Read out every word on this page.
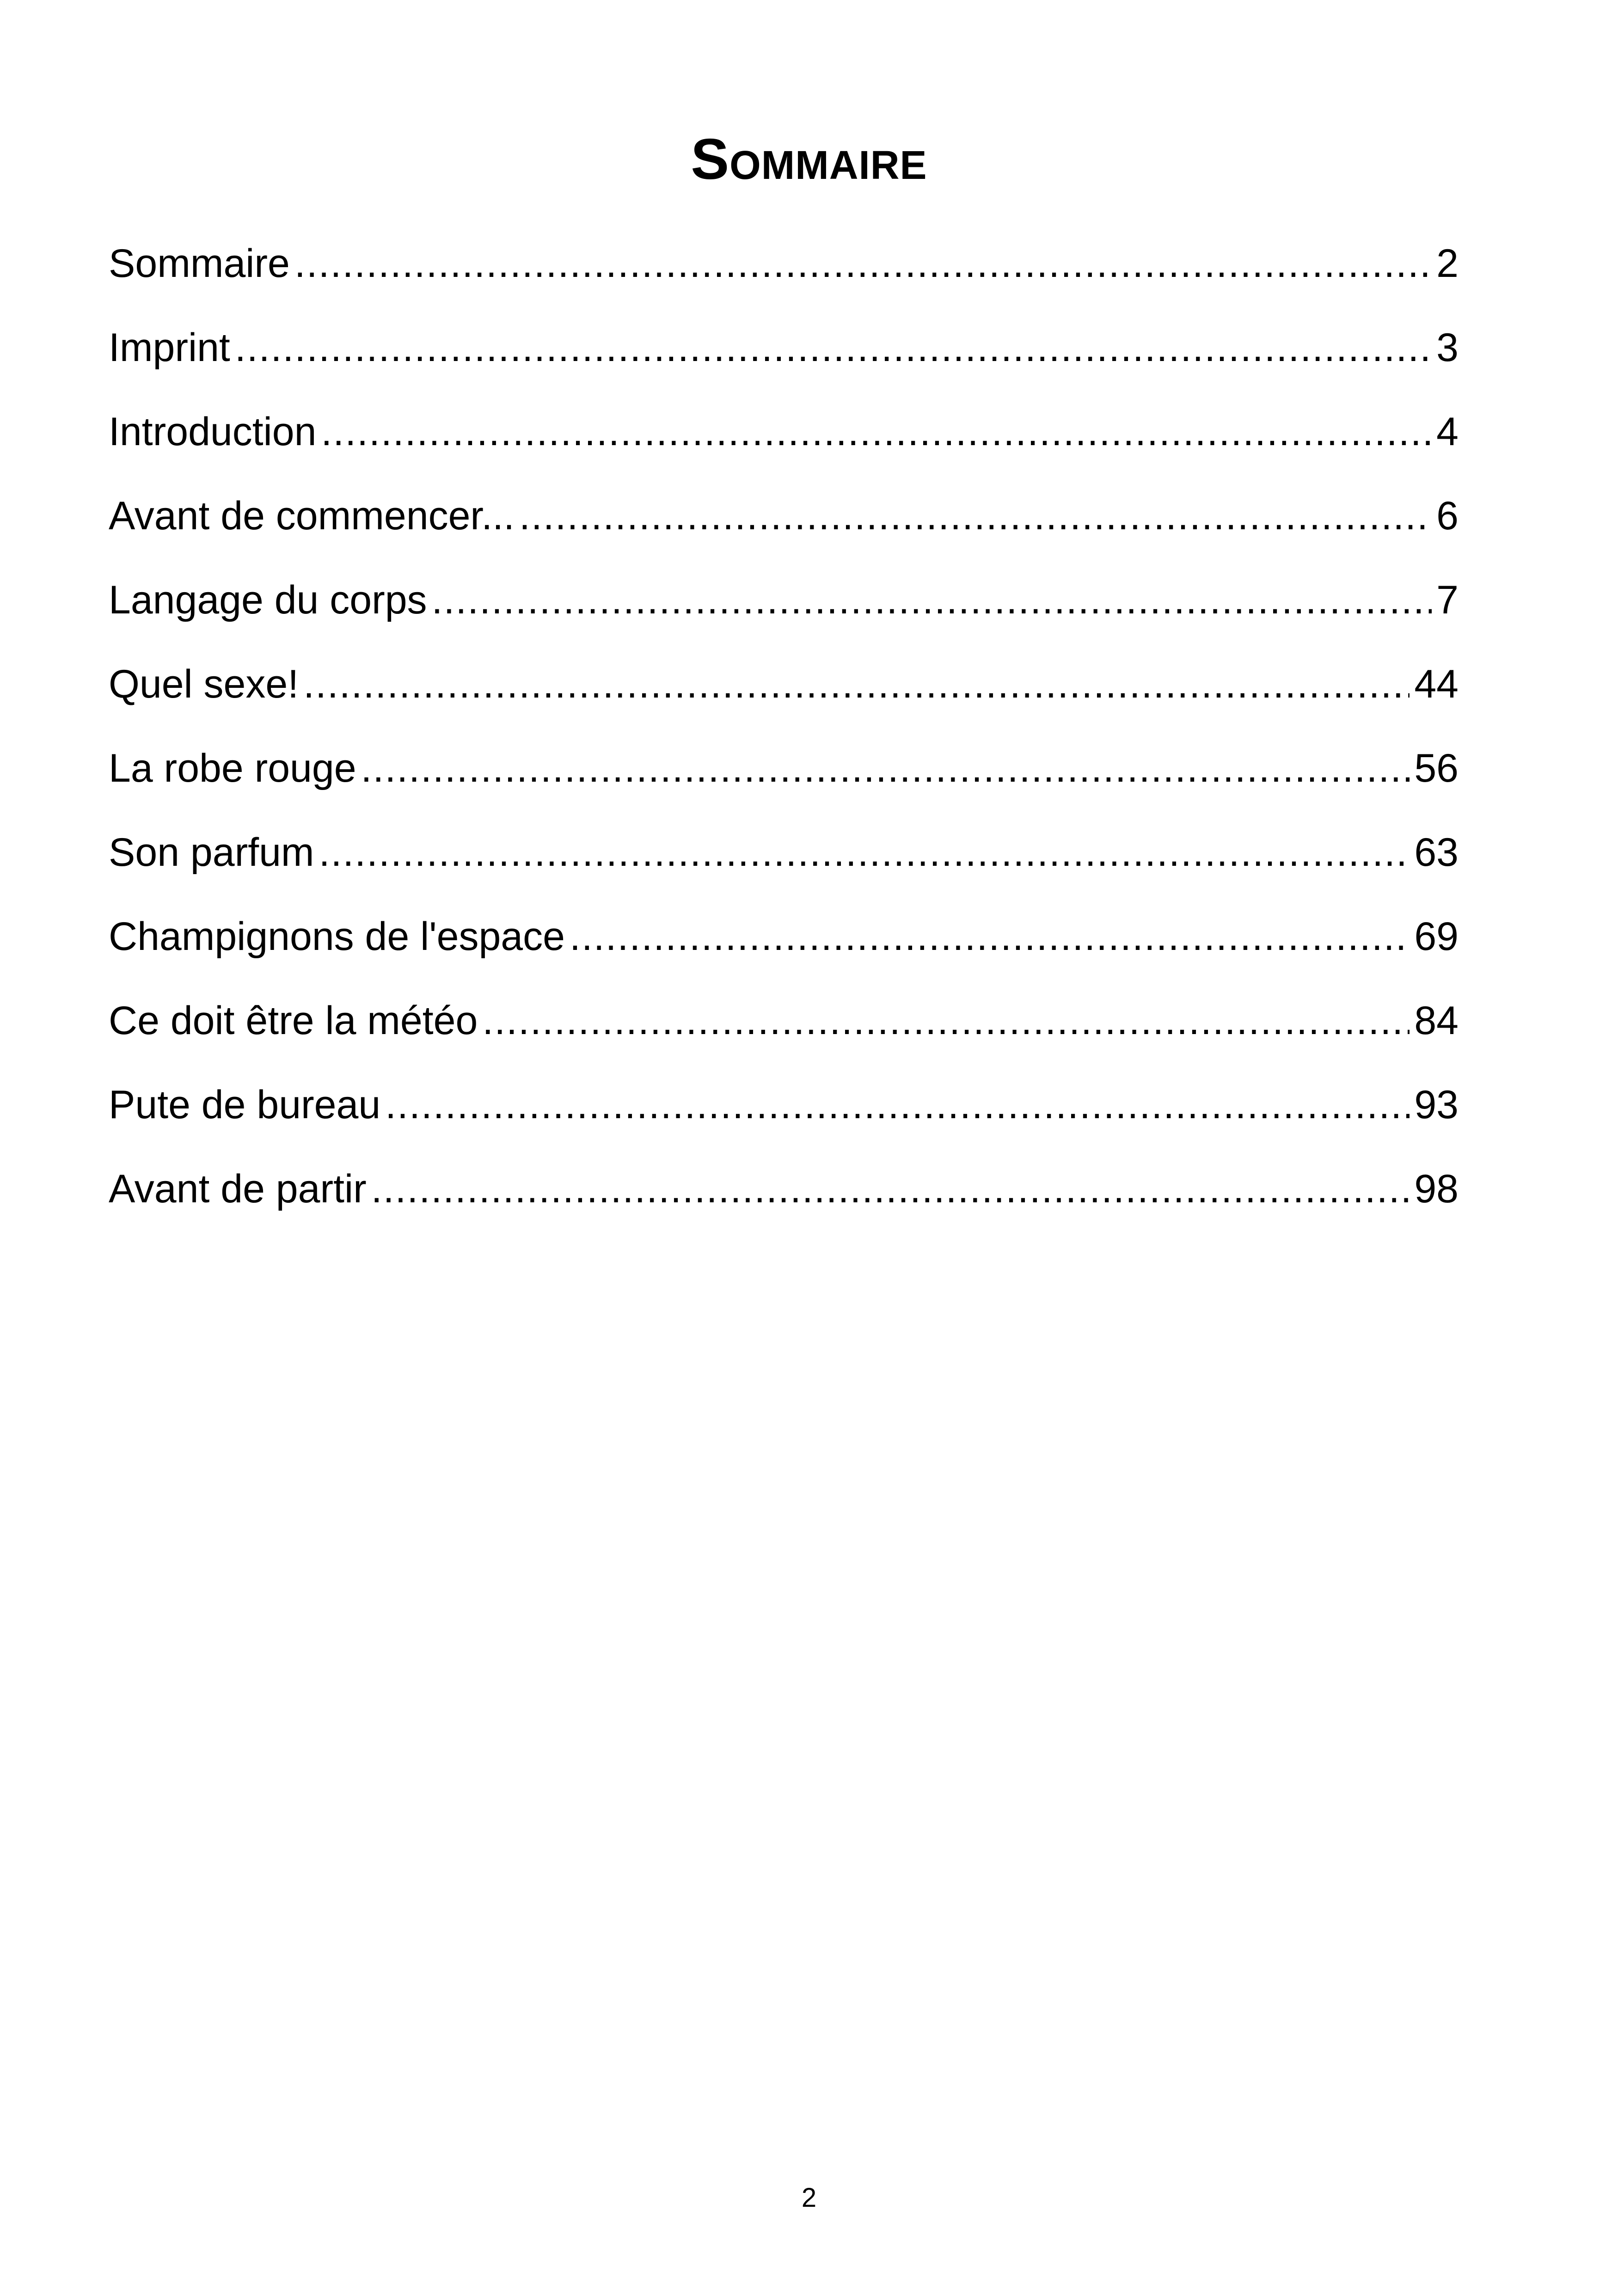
Sommaire
Sommaire .....	2
Imprint .....	3
Introduction .....	4
Avant de commencer... .....	6
Langage du corps .....	7
Quel sexe! .....	44
La robe rouge .....	56
Son parfum .....	63
Champignons de l'espace .....	69
Ce doit être la météo .....	84
Pute de bureau .....	93
Avant de partir .....	98
2
